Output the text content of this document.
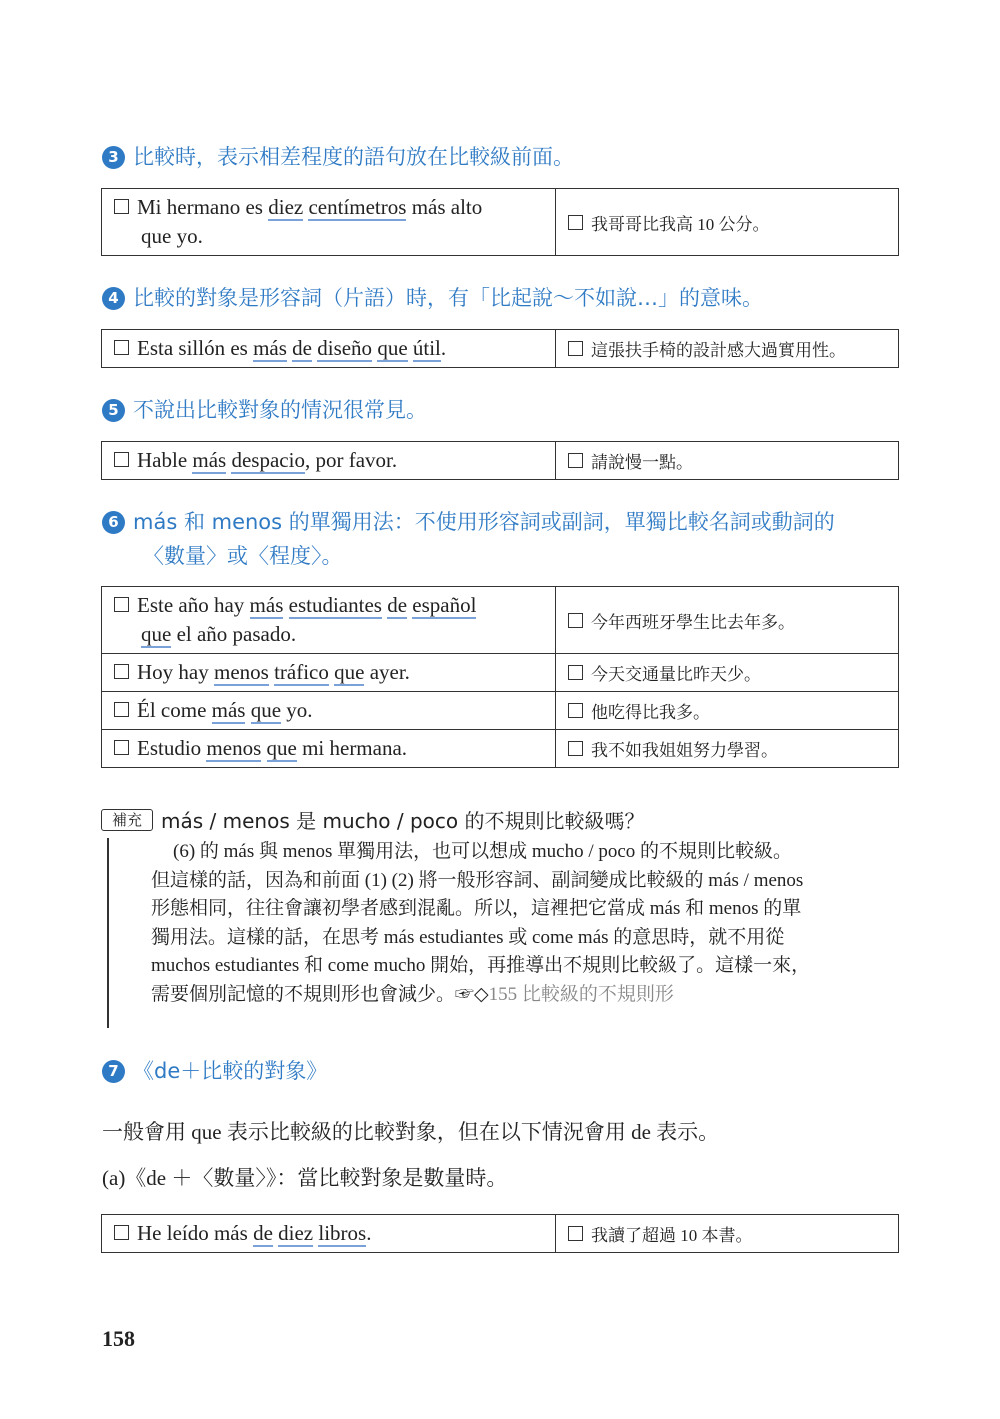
3 比較時，表示相差程度的語句放在比較級前面。
Mi hermano es diez centímetros más alto
que yo.	我哥哥比我高 10 公分。
4 比較的對象是形容詞（片語）時，有「比起說～不如說…」的意味。
Esta sillón es más de diseño que útil.	這張扶手椅的設計感大過實用性。
5 不說出比較對象的情況很常見。
Hable más despacio, por favor.	請說慢一點。
6 más 和 menos 的單獨用法：不使用形容詞或副詞，單獨比較名詞或動詞的
〈數量〉或〈程度〉。
Este año hay más estudiantes de español
que el año pasado.	今年西班牙學生比去年多。
Hoy hay menos tráfico que ayer.	今天交通量比昨天少。
Él come más que yo.	他吃得比我多。
Estudio menos que mi hermana.	我不如我姐姐努力學習。
補充 más / menos 是 mucho / poco 的不規則比較級嗎？
(6) 的 más 與 menos 單獨用法，也可以想成 mucho / poco 的不規則比較級。
但這樣的話，因為和前面 (1) (2) 將一般形容詞、副詞變成比較級的 más / menos
形態相同，往往會讓初學者感到混亂。所以，這裡把它當成 más 和 menos 的單
獨用法。這樣的話，在思考 más estudiantes 或 come más 的意思時，就不用從
muchos estudiantes 和 come mucho 開始，再推導出不規則比較級了。這樣一來，
需要個別記憶的不規則形也會減少。☞◇155 比較級的不規則形
7 《de＋比較的對象》
一般會用 que 表示比較級的比較對象，但在以下情況會用 de 表示。
(a)《de ＋〈數量〉》：當比較對象是數量時。
He leído más de diez libros.	我讀了超過 10 本書。
158
